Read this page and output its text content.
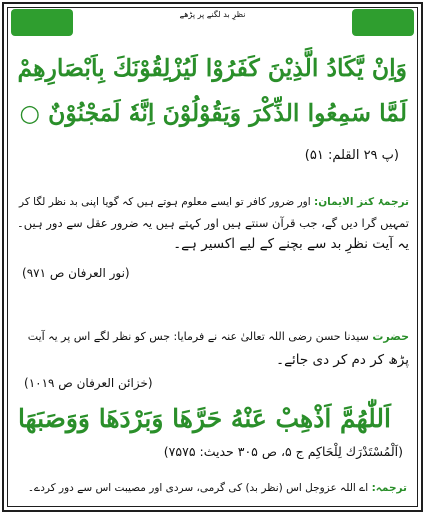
نظرِ بد لگنے پر پڑھے
وَاِنْ يَّكَادُ الَّذِيْنَ كَفَرُوْا لَيُزْلِقُوْنَكَ بِاَبْصَارِهِمْ
لَمَّا سَمِعُوا الذِّكْرَ وَيَقُوْلُوْنَ اِنَّهٗ لَمَجْنُوْنٌ ○
(پ ۲۹ القلم: ۵۱)
ترجمۂ کنز الایمان: اور ضرور کافر تو ایسے معلوم ہوتے ہیں کہ گویا اپنی بد نظر لگا کر
تمہیں گرا دیں گے، جب قرآن سنتے ہیں اور کہتے ہیں یہ ضرور عقل سے دور ہیں۔
یہ آیت نظرِ بد سے بچنے کے لیے اکسیر ہے۔
(نور العرفان ص ۹۷۱)
حضرت سیدنا حسن رضی اللہ تعالیٰ عنہ نے فرمایا: جس کو نظر لگے اس پر یہ آیت
پڑھ کر دم کر دی جائے۔
(خزائن العرفان ص ۱۰۱۹)
اَللّٰهُمَّ اَذْهِبْ عَنْهُ حَرَّهَا وَبَرْدَهَا وَوَصَبَهَا
(اَلْمُسْتَدْرَك لِلْحَاكِم ج ۵، ص ۳۰۵ حدیث: ۷۵۷۵)
ترجمہ: اے اللہ عزوجل اس (نظر بد) کی گرمی، سردی اور مصیبت اس سے دور کردے۔
